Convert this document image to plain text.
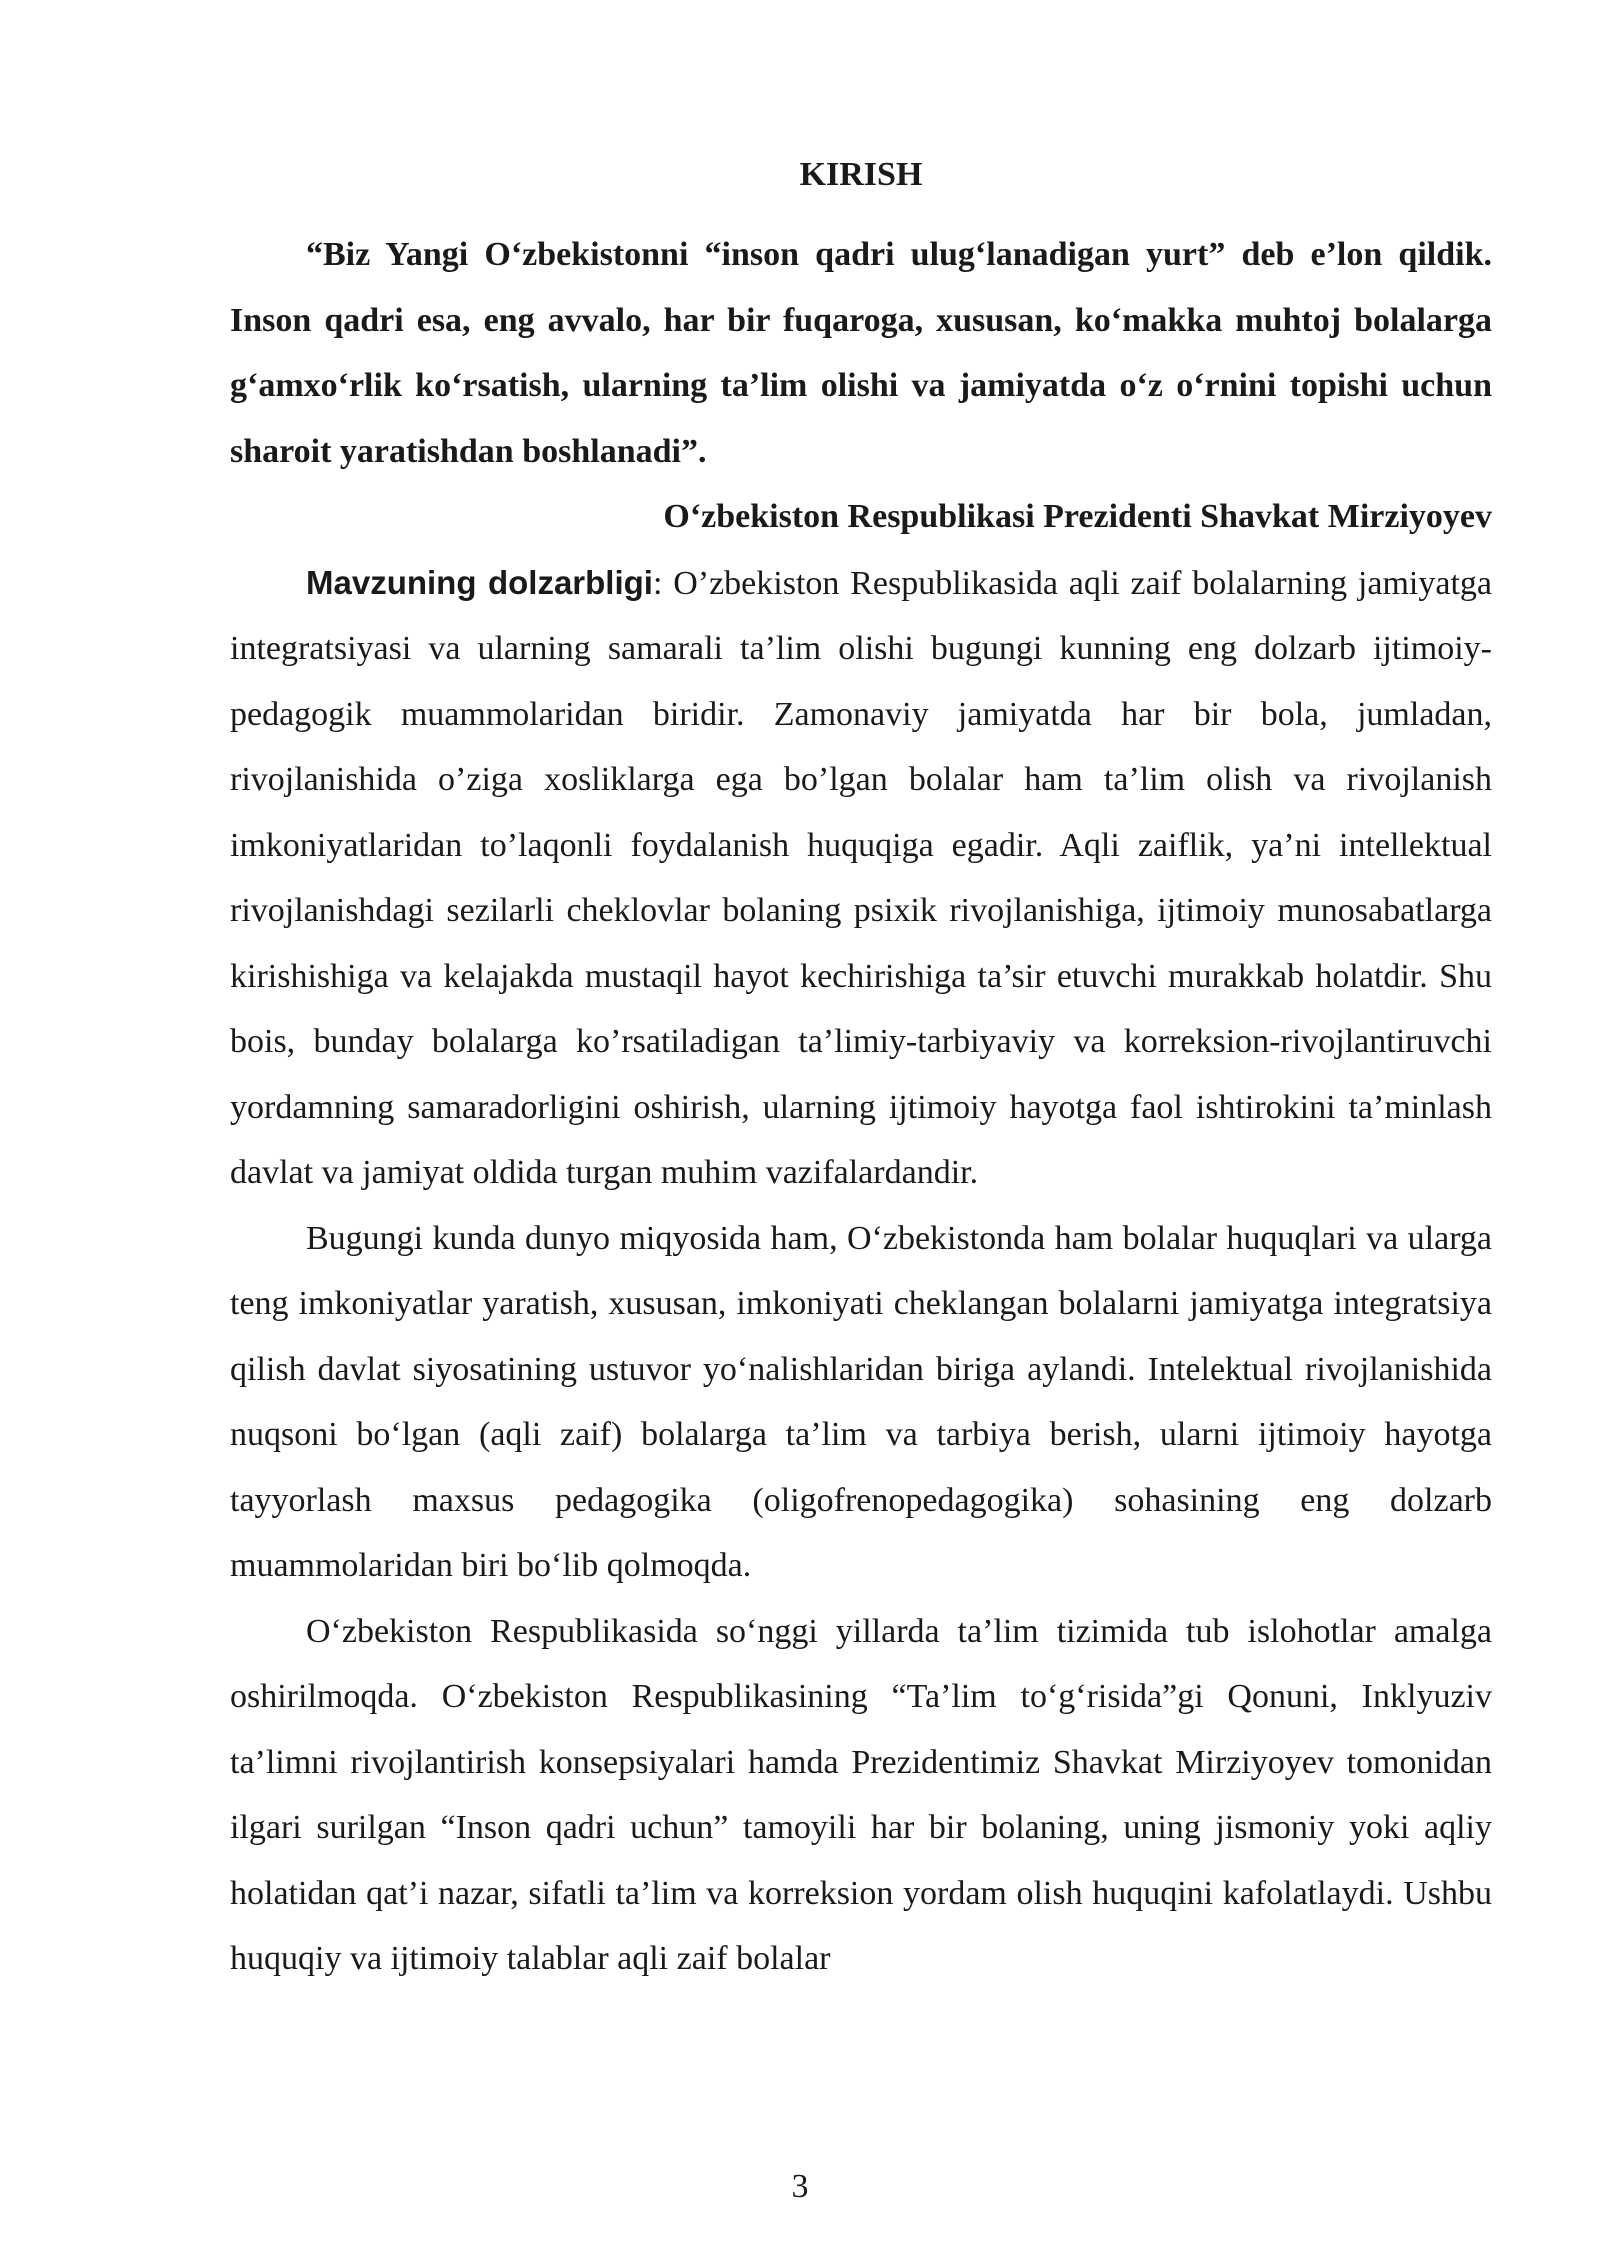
KIRISH

“Biz Yangi O‘zbekistonni “inson qadri ulug‘lanadigan yurt” deb e’lon qildik. Inson qadri esa, eng avvalo, har bir fuqaroga, xususan, ko‘makka muhtoj bolalarga g‘amxo‘rlik ko‘rsatish, ularning ta’lim olishi va jamiyatda o‘z o‘rnini topishi uchun sharoit yaratishdan boshlanadi”.

O‘zbekiston Respublikasi Prezidenti Shavkat Mirziyoyev

Mavzuning dolzarbligi: O’zbekiston Respublikasida aqli zaif bolalarning jamiyatga integratsiyasi va ularning samarali ta’lim olishi bugungi kunning eng dolzarb ijtimoiy-pedagogik muammolaridan biridir. Zamonaviy jamiyatda har bir bola, jumladan, rivojlanishida o’ziga xosliklarga ega bo’lgan bolalar ham ta’lim olish va rivojlanish imkoniyatlaridan to’laqonli foydalanish huquqiga egadir. Aqli zaiflik, ya’ni intellektual rivojlanishdagi sezilarli cheklovlar bolaning psixik rivojlanishiga, ijtimoiy munosabatlarga kirishishiga va kelajakda mustaqil hayot kechirishiga ta’sir etuvchi murakkab holatdir. Shu bois, bunday bolalarga ko’rsatiladigan ta’limiy-tarbiyaviy va korreksion-rivojlantiruvchi yordamning samaradorligini oshirish, ularning ijtimoiy hayotga faol ishtirokini ta’minlash davlat va jamiyat oldida turgan muhim vazifalardandir.

Bugungi kunda dunyo miqyosida ham, O‘zbekistonda ham bolalar huquqlari va ularga teng imkoniyatlar yaratish, xususan, imkoniyati cheklangan bolalarni jamiyatga integratsiya qilish davlat siyosatining ustuvor yo‘nalishlaridan biriga aylandi. Intelektual rivojlanishida nuqsoni bo‘lgan (aqli zaif) bolalarga ta’lim va tarbiya berish, ularni ijtimoiy hayotga tayyorlash maxsus pedagogika (oligofrenopedagogika) sohasining eng dolzarb muammolaridan biri bo‘lib qolmoqda.

O‘zbekiston Respublikasida so‘nggi yillarda ta’lim tizimida tub islohotlar amalga oshirilmoqda. O‘zbekiston Respublikasining “Ta’lim to‘g‘risida”gi Qonuni, Inklyuziv ta’limni rivojlantirish konsepsiyalari hamda Prezidentimiz Shavkat Mirziyoyev tomonidan ilgari surilgan “Inson qadri uchun” tamoyili har bir bolaning, uning jismoniy yoki aqliy holatidan qat’i nazar, sifatli ta’lim va korreksion yordam olish huquqini kafolatlaydi. Ushbu huquqiy va ijtimoiy talablar aqli zaif bolalar

3
